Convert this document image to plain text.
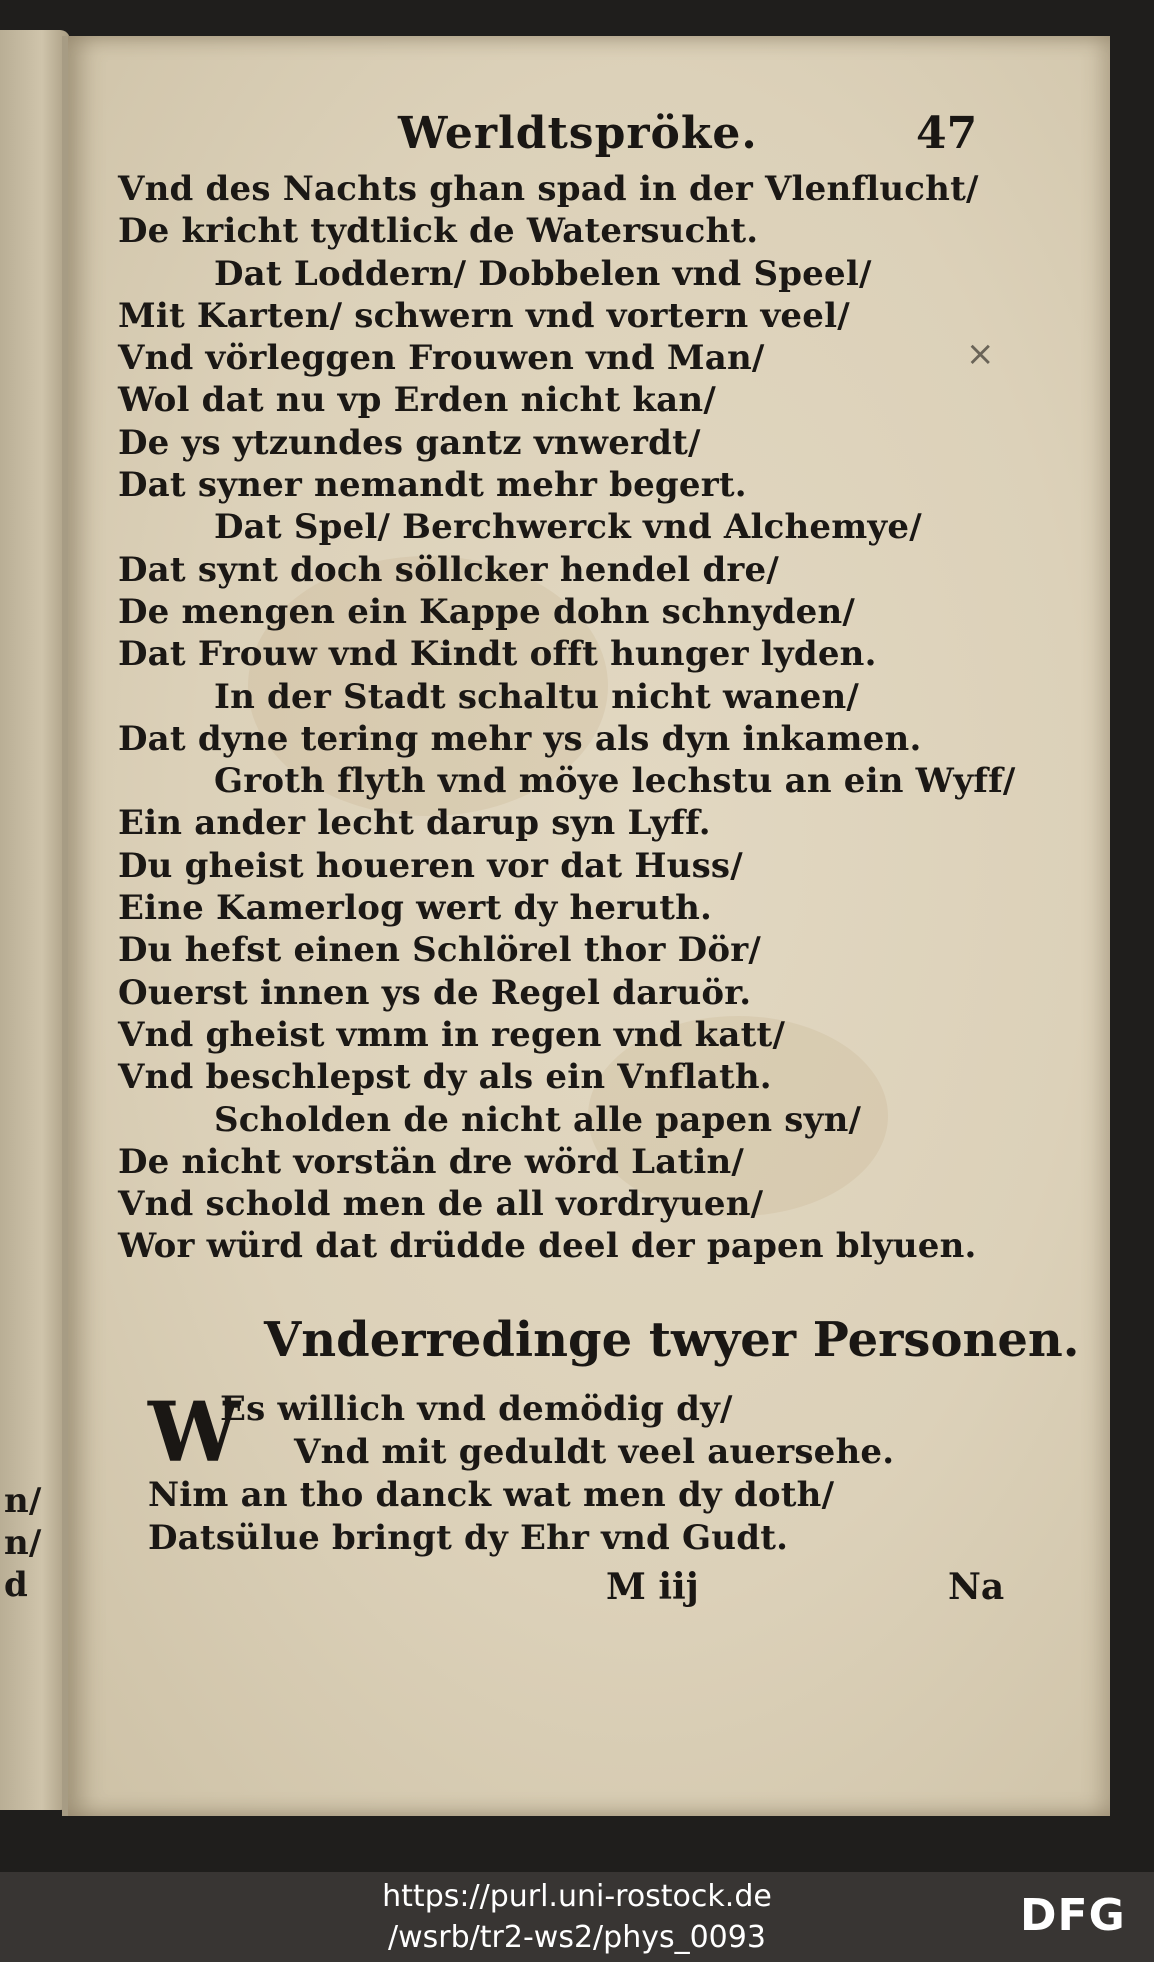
n/
n/
d
Werldtspröke.	47
×
Vnd des Nachts ghan spad in der Vlenflucht/
De kricht tydtlick de Watersucht.
Dat Loddern/ Dobbelen vnd Speel/
Mit Karten/ schwern vnd vortern veel/
Vnd vörleggen Frouwen vnd Man/
Wol dat nu vp Erden nicht kan/
De ys ytzundes gantz vnwerdt/
Dat syner nemandt mehr begert.
Dat Spel/ Berchwerck vnd Alchemye/
Dat synt doch söllcker hendel dre/
De mengen ein Kappe dohn schnyden/
Dat Frouw vnd Kindt offt hunger lyden.
In der Stadt schaltu nicht wanen/
Dat dyne tering mehr ys als dyn inkamen.
Groth flyth vnd möye lechstu an ein Wyff/
Ein ander lecht darup syn Lyff.
Du gheist houeren vor dat Huss/
Eine Kamerlog wert dy heruth.
Du hefst einen Schlörel thor Dör/
Ouerst innen ys de Regel daruör.
Vnd gheist vmm in regen vnd katt/
Vnd beschlepst dy als ein Vnflath.
Scholden de nicht alle papen syn/
De nicht vorstän dre wörd Latin/
Vnd schold men de all vordryuen/
Wor würd dat drüdde deel der papen blyuen.
Vnderredinge twyer Personen.
W
Es willich vnd demödig dy/
Vnd mit geduldt veel auersehe.
Nim an tho danck wat men dy doth/
Datsülue bringt dy Ehr vnd Gudt.
M iij	Na
https://purl.uni-rostock.de
/wsrb/tr2-ws2/phys_0093	DFG
